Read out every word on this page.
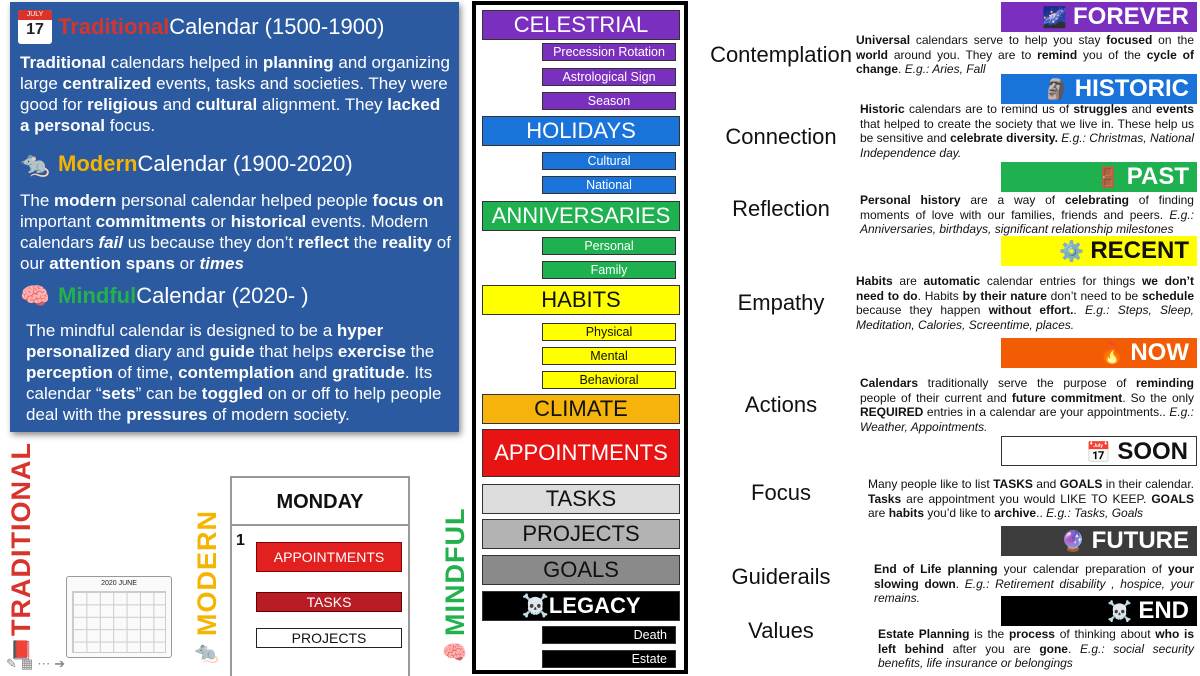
JULY
17 Traditional Calendar (1500-1900)
Traditional calendars helped in planning and organizing large centralized events, tasks and societies. They were good for religious and cultural alignment. They lacked a personal focus.
🐀 Modern Calendar (1900-2020)
The modern personal calendar helped people focus on important commitments or historical events. Modern calendars fail us because they don’t reflect the reality of our attention spans or times
🧠 Mindful Calendar (2020- )
The mindful calendar is designed to be a hyper personalized diary and guide that helps exercise the perception of time, contemplation and gratitude. Its calendar “sets” can be toggled on or off to help people deal with the pressures of modern society.
TRADITIONAL	MODERN	MINDFUL
2020 JUNE
📕	🐀	🧠
MONDAY
1
APPOINTMENTS
TASKS
PROJECTS
CELESTRIAL
Precession Rotation
Astrological Sign
Season
HOLIDAYS
Cultural
National
ANNIVERSARIES
Personal
Family
HABITS
Physical
Mental
Behavioral
CLIMATE
APPOINTMENTS
TASKS
PROJECTS
GOALS
☠️LEGACY
Death
Estate
Contemplation
🌌 FOREVER
Universal calendars serve to help you stay focused on the world around you. They are to remind you of the cycle of change. E.g.: Aries, Fall
Connection
🗿 HISTORIC
Historic calendars are to remind us of struggles and events that helped to create the society that we live in. These help us be sensitive and celebrate diversity. E.g.: Christmas, National Independence day.
Reflection
🚪 PAST
Personal history are a way of celebrating of finding moments of love with our families, friends and peers. E.g.: Anniversaries, birthdays, significant relationship milestones
Empathy
⚙️ RECENT
Habits are automatic calendar entries for things we don’t need to do. Habits by their nature don’t need to be schedule because they happen without effort.. E.g.: Steps, Sleep, Meditation, Calories, Screentime, places.
Actions
🔥 NOW
Calendars traditionally serve the purpose of reminding people of their current and future commitment. So the only REQUIRED entries in a calendar are your appointments.. E.g.: Weather, Appointments.
Focus
📅 SOON
Many people like to list TASKS and GOALS in their calendar. Tasks are appointment you would LIKE TO KEEP. GOALS are habits you’d like to archive.. E.g.: Tasks, Goals
Guiderails
🔮 FUTURE
End of Life planning your calendar preparation of your slowing down. E.g.: Retirement disability , hospice, your remains.
Values
☠️ END
Estate Planning is the process of thinking about who is left behind after you are gone. E.g.: social security benefits, life insurance or belongings
✎ ▦ ⋯ ➔
